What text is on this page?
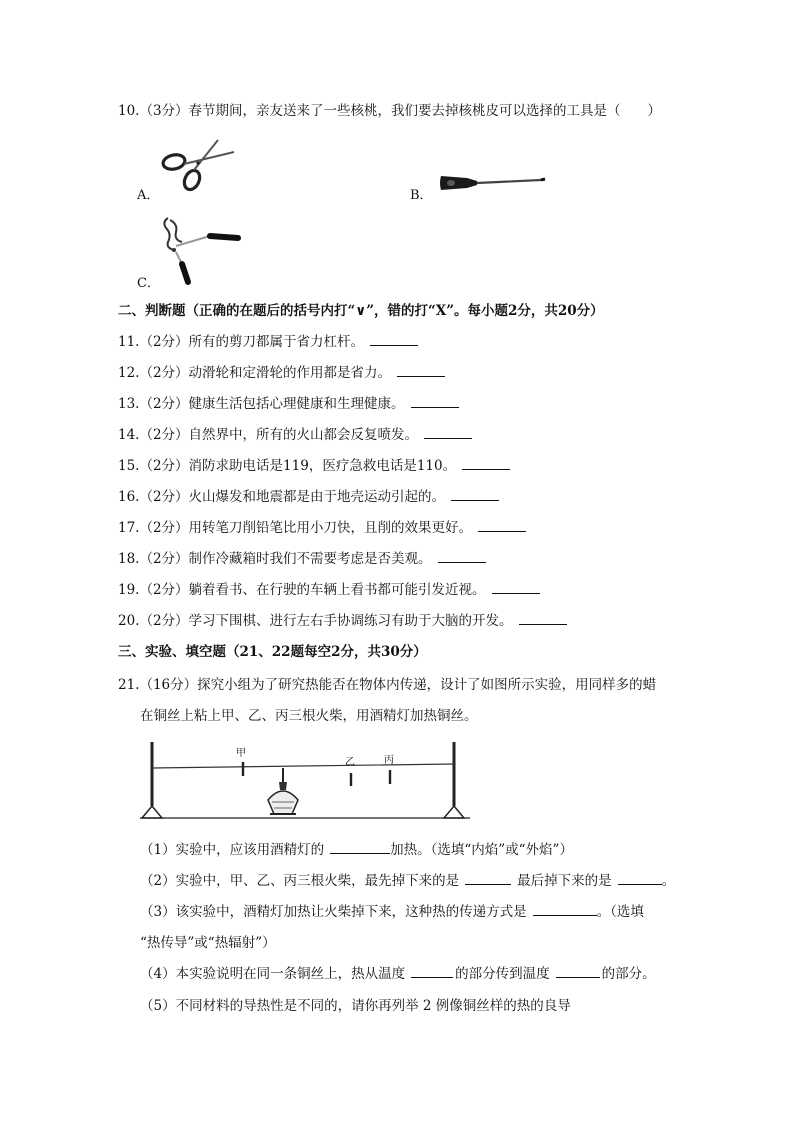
10.（3分）春节期间，亲友送来了一些核桃，我们要去掉核桃皮可以选择的工具是（　　）
A．	B．
C．
二、判断题（正确的在题后的括号内打“∨”，错的打“X”。每小题2分，共20分）
11.（2分）所有的剪刀都属于省力杠杆。
12.（2分）动滑轮和定滑轮的作用都是省力。
13.（2分）健康生活包括心理健康和生理健康。
14.（2分）自然界中，所有的火山都会反复喷发。
15.（2分）消防求助电话是119，医疗急救电话是110。
16.（2分）火山爆发和地震都是由于地壳运动引起的。
17.（2分）用转笔刀削铅笔比用小刀快，且削的效果更好。
18.（2分）制作冷藏箱时我们不需要考虑是否美观。
19.（2分）躺着看书、在行驶的车辆上看书都可能引发近视。
20.（2分）学习下围棋、进行左右手协调练习有助于大脑的开发。
三、实验、填空题（21、22题每空2分，共30分）
21.（16分）探究小组为了研究热能否在物体内传递，设计了如图所示实验，用同样多的蜡
在铜丝上粘上甲、乙、丙三根火柴，用酒精灯加热铜丝。
甲
乙	丙
（1）实验中，应该用酒精灯的	加热。（选填“内焰”或“外焰”）
（2）实验中，甲、乙、丙三根火柴，最先掉下来的是	最后掉下来的是	。
（3）该实验中，酒精灯加热让火柴掉下来，这种热的传递方式是	。（选填
“热传导”或“热辐射”）
（4）本实验说明在同一条铜丝上，热从温度	的部分传到温度	的部分。
（5）不同材料的导热性是不同的，请你再列举 2 例像铜丝样的热的良导
